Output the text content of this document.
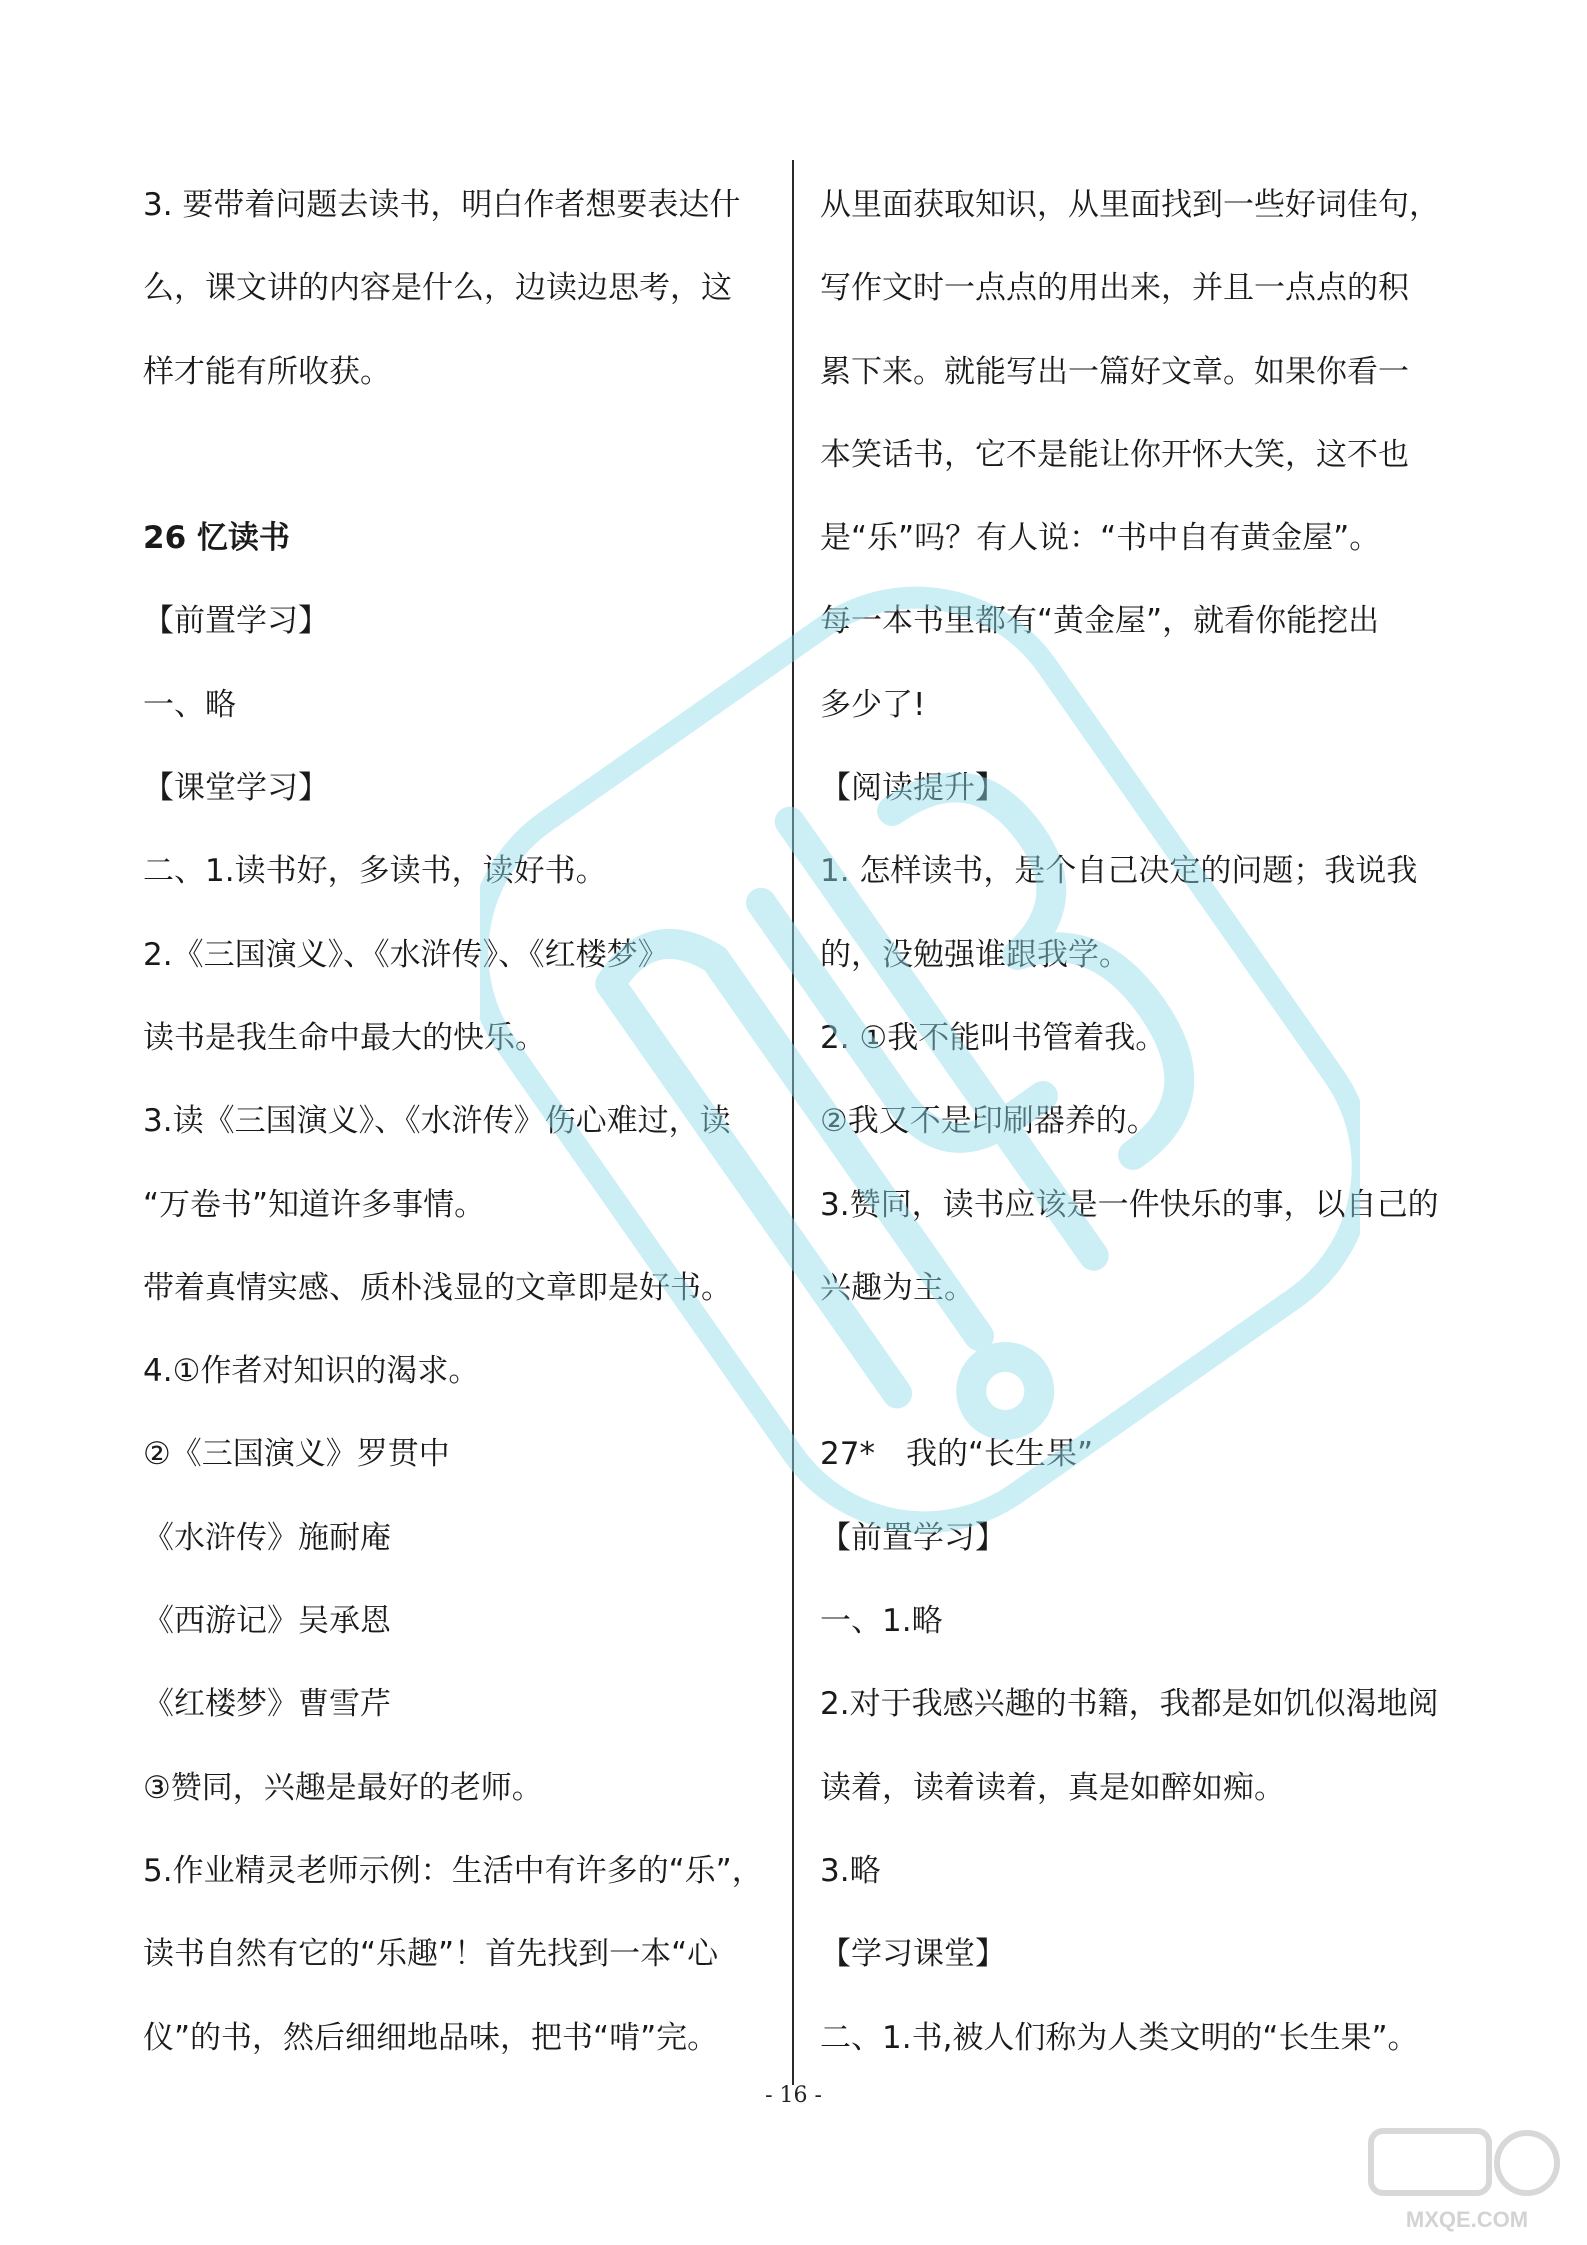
3. 要带着问题去读书，明白作者想要表达什
么，课文讲的内容是什么，边读边思考，这
样才能有所收获。
26 忆读书
【前置学习】
一、略
【课堂学习】
二、1.读书好，多读书，读好书。
2.《三国演义》、《水浒传》、《红楼梦》
读书是我生命中最大的快乐。
3.读《三国演义》、《水浒传》伤心难过，读
“万卷书”知道许多事情。
带着真情实感、质朴浅显的文章即是好书。
4.①作者对知识的渴求。
②《三国演义》罗贯中
《水浒传》施耐庵
《西游记》吴承恩
《红楼梦》曹雪芹
③赞同，兴趣是最好的老师。
5.作业精灵老师示例：生活中有许多的“乐”，
读书自然有它的“乐趣”！首先找到一本“心
仪”的书，然后细细地品味，把书“啃”完。
从里面获取知识，从里面找到一些好词佳句，
写作文时一点点的用出来，并且一点点的积
累下来。就能写出一篇好文章。如果你看一
本笑话书，它不是能让你开怀大笑，这不也
是“乐”吗？有人说：“书中自有黄金屋”。
每一本书里都有“黄金屋”，就看你能挖出
多少了!
【阅读提升】
1. 怎样读书，是个自己决定的问题；我说我
的，没勉强谁跟我学。
2. ①我不能叫书管着我。
②我又不是印刷器养的。
3.赞同，读书应该是一件快乐的事，以自己的
兴趣为主。
27*　我的“长生果”
【前置学习】
一、1.略
2.对于我感兴趣的书籍，我都是如饥似渴地阅
读着，读着读着，真是如醉如痴。
3.略
【学习课堂】
二、1.书,被人们称为人类文明的“长生果”。
- 16 -
MXQE.COM
